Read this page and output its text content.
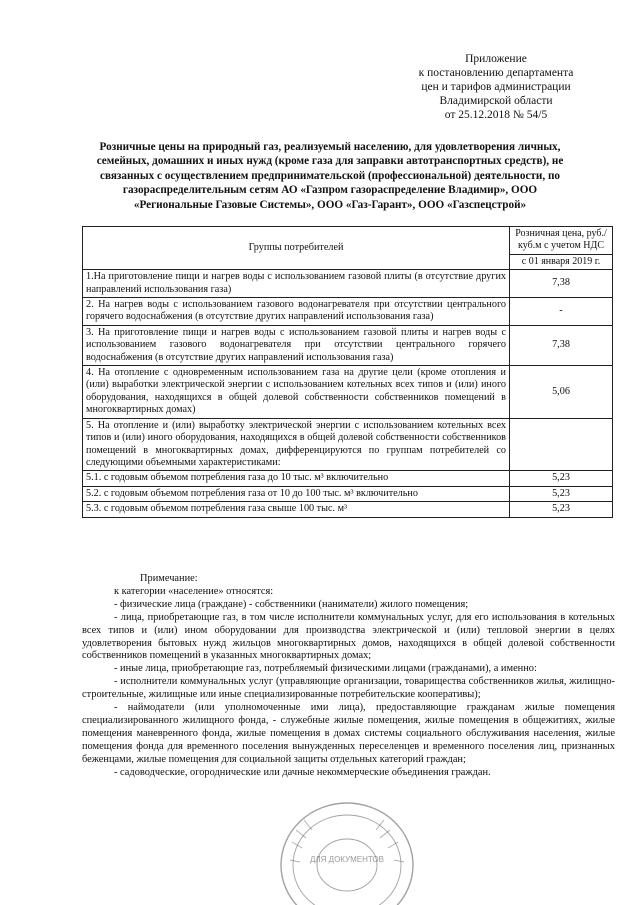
Приложение
к постановлению департамента
цен и тарифов администрации
Владимирской области
от 25.12.2018 № 54/5
Розничные цены на природный газ, реализуемый населению, для удовлетворения личных, семейных, домашних и иных нужд (кроме газа для заправки автотранспортных средств), не связанных с осуществлением предпринимательской (профессиональной) деятельности, по газораспределительным сетям АО «Газпром газораспределение Владимир», ООО «Региональные Газовые Системы», ООО «Газ-Гарант», ООО «Газспецстрой»
Группы потребителей	Розничная цена, руб./куб.м с учетом НДС
	с 01 января 2019 г.
1.На приготовление пищи и нагрев воды с использованием газовой плиты (в отсутствие других направлений использования газа)	7,38
2. На нагрев воды с использованием газового водонагревателя при отсутствии центрального горячего водоснабжения (в отсутствие других направлений использования газа)	-
3. На приготовление пищи и нагрев воды с использованием газовой плиты и нагрев воды с использованием газового водонагревателя при отсутствии центрального горячего водоснабжения (в отсутствие других направлений использования газа)	7,38
4. На отопление с одновременным использованием газа на другие цели (кроме отопления и (или) выработки электрической энергии с использованием котельных всех типов и (или) иного оборудования, находящихся в общей долевой собственности собственников помещений в многоквартирных домах)	5,06
5. На отопление и (или) выработку электрической энергии с использованием котельных всех типов и (или) иного оборудования, находящихся в общей долевой собственности собственников помещений в многоквартирных домах, дифференцируются по группам потребителей со следующими объемными характеристиками:	
5.1. с годовым объемом потребления газа до 10 тыс. м³ включительно	5,23
5.2. с годовым объемом потребления газа от 10 до 100 тыс. м³ включительно	5,23
5.3. с годовым объемом потребления газа свыше 100 тыс. м³	5,23

Примечание:

к категории «население» относятся:

- физические лица (граждане) - собственники (наниматели) жилого помещения;

- лица, приобретающие газ, в том числе исполнители коммунальных услуг, для его использования в котельных всех типов и (или) ином оборудовании для производства электрической и (или) тепловой энергии в целях удовлетворения бытовых нужд жильцов многоквартирных домов, находящихся в общей долевой собственности собственников помещений в указанных многоквартирных домах;

- иные лица, приобретающие газ, потребляемый физическими лицами (гражданами), а именно:

- исполнители коммунальных услуг (управляющие организации, товарищества собственников жилья, жилищно-строительные, жилищные или иные специализированные потребительские кооперативы);

- наймодатели (или уполномоченные ими лица), предоставляющие гражданам жилые помещения специализированного жилищного фонда, - служебные жилые помещения, жилые помещения в общежитиях, жилые помещения маневренного фонда, жилые помещения в домах системы социального обслуживания населения, жилые помещения фонда для временного поселения вынужденных переселенцев и временного поселения лиц, признанных беженцами, жилые помещения для социальной защиты отдельных категорий граждан;

- садоводческие, огороднические или дачные некоммерческие объединения граждан.

ДЛЯ ДОКУМЕНТОВ
